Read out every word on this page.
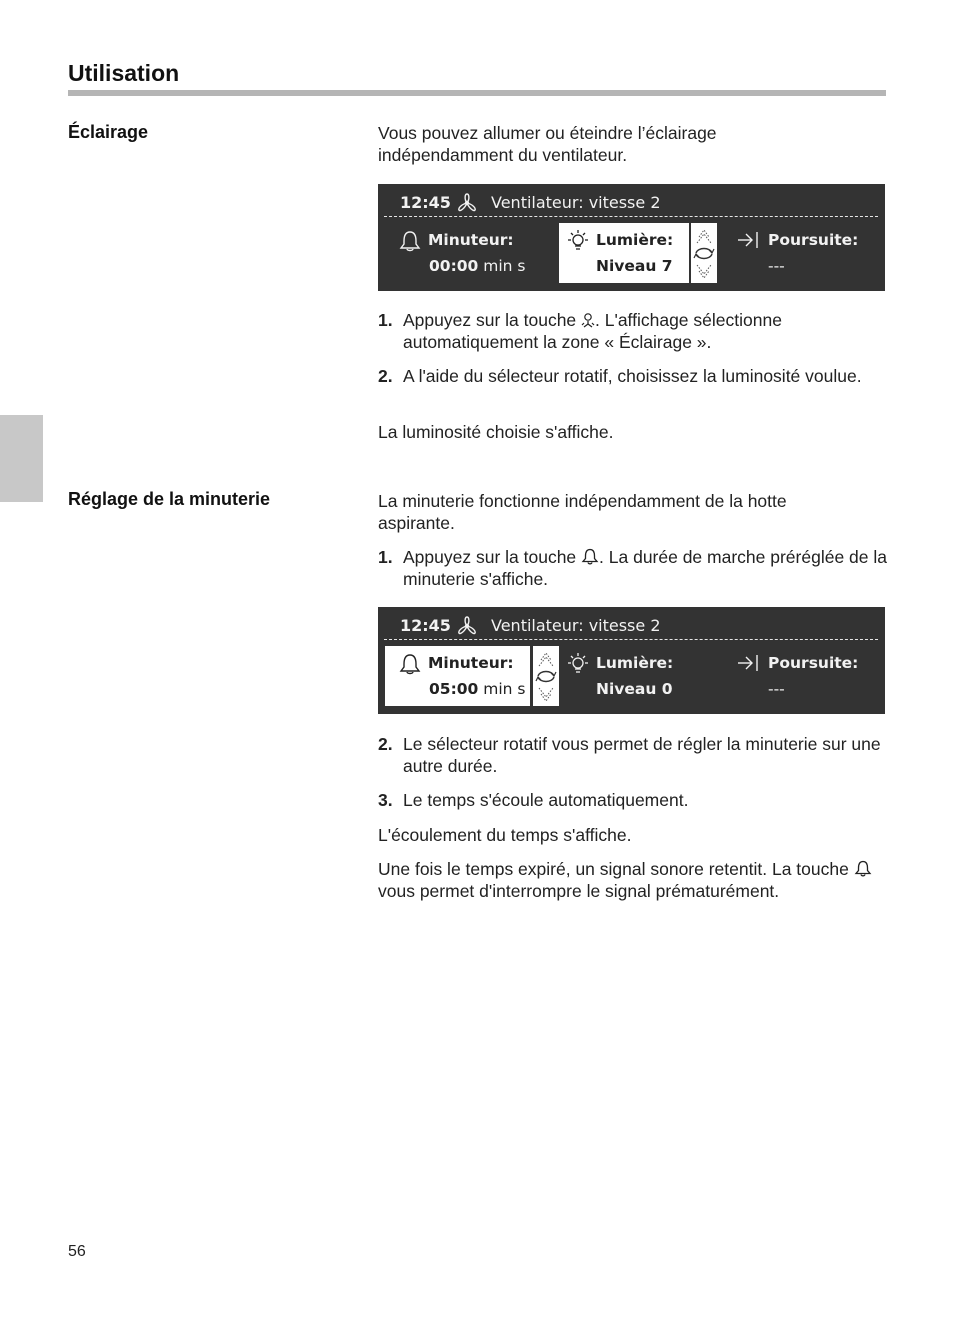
Utilisation
Éclairage	Vous pouvez allumer ou éteindre l’éclairage indépendamment du ventilateur.
12:45	Ventilateur: vitesse 2
Minuteur:
00:00 min s
Lumière:
Niveau 7
Poursuite:
---
1. Appuyez sur la touche . L'affichage sélectionne automatiquement la zone « Éclairage ».
2. A l'aide du sélecteur rotatif, choisissez la luminosité voulue.
La luminosité choisie s'affiche.
Réglage de la minuterie	La minuterie fonctionne indépendamment de la hotte aspirante.
1. Appuyez sur la touche . La durée de marche préréglée de la minuterie s'affiche.
12:45	Ventilateur: vitesse 2
Minuteur:
05:00 min s
Lumière:
Niveau 0
Poursuite:
---
2. Le sélecteur rotatif vous permet de régler la minuterie sur une autre durée.
3. Le temps s'écoule automatiquement.
L'écoulement du temps s'affiche.
Une fois le temps expiré, un signal sonore retentit. La touche  vous permet d'interrompre le signal prématurément.
56
